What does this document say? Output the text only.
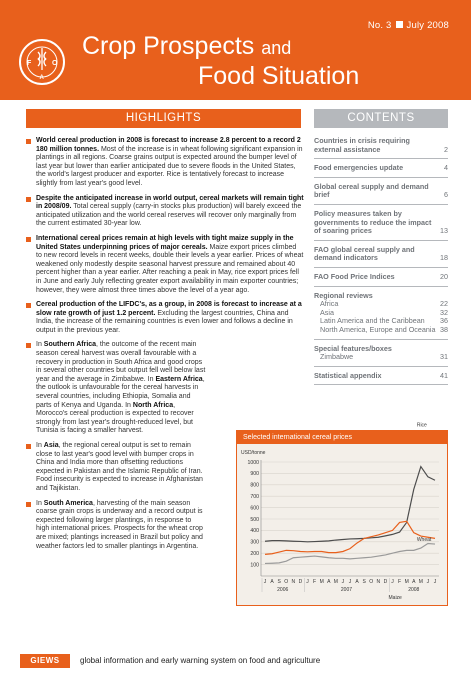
No. 3 July 2008
F	O
A
Crop Prospects and
Food Situation
HIGHLIGHTS	CONTENTS
World cereal production in 2008 is forecast to increase 2.8 percent to a record 2 180 million tonnes. Most of the increase is in wheat following significant expansion in plantings in all regions. Coarse grains output is expected around the bumper level of last year but lower than earlier anticipated due to severe floods in the United States, the world's largest producer and exporter. Rice is tentatively forecast to increase slightly from last year's good level.
Despite the anticipated increase in world output, cereal markets will remain tight in 2008/09. Total cereal supply (carry-in stocks plus production) will barely exceed the anticipated utilization and the world cereal reserves will recover only marginally from the current estimated 30-year low.
International cereal prices remain at high levels with tight maize supply in the United States underpinning prices of major cereals. Maize export prices climbed to new record levels in recent weeks, double their levels a year earlier. Prices of wheat weakened only modestly despite seasonal harvest pressure and remained about 40 percent higher than a year earlier. After reaching a peak in May, rice export prices fell in June and early July reflecting greater export availability in main exporter countries; however, they were almost three times above the level of a year ago.
Cereal production of the LIFDC's, as a group, in 2008 is forecast to increase at a slow rate growth of just 1.2 percent. Excluding the largest countries, China and India, the increase of the remaining countries is even lower and follows a decline in output in the previous year.
In Southern Africa, the outcome of the recent main season cereal harvest was overall favourable with a recovery in production in South Africa and good crops in several other countries but output fell well below last year and the average in Zimbabwe. In Eastern Africa, the outlook is unfavourable for the cereal harvests in several countries, including Ethiopia, Somalia and parts of Kenya and Uganda. In North Africa, Morocco's cereal production is expected to recover strongly from last year's drought-reduced level, but Tunisia is facing a smaller harvest.
In Asia, the regional cereal output is set to remain close to last year's good level with bumper crops in China and India more than offsetting reductions expected in Pakistan and the Islamic Republic of Iran. Food insecurity is expected to increase in Afghanistan and Tajikistan.
In South America, harvesting of the main season coarse grain crops is underway and a record output is expected following larger plantings, in response to high international prices. Prospects for the wheat crop are mixed; plantings increased in Brazil but policy and weather factors led to smaller plantings in Argentina.
Countries in crisis requiring external assistance	2
Food emergencies update	4
Global cereal supply and demand brief	6
Policy measures taken by governments to reduce the impact of soaring prices	13
FAO global cereal supply and demand indicators	18
FAO Food Price Indices	20
Regional reviews
Africa	22
Asia	32
Latin America and the Caribbean	36
North America, Europe and Oceania 38
Special features/boxes
Zimbabwe	31
Statistical appendix	41
Selected international cereal prices
USD/tonne
100
200
300
400
500
600
700
800
900
1000
J A S O N D J F M A M J J A S O N D J F M A M J J
2006	2007	2008
Rice
Wheat
Maize
GIEWS	global information and early warning system on food and agriculture
